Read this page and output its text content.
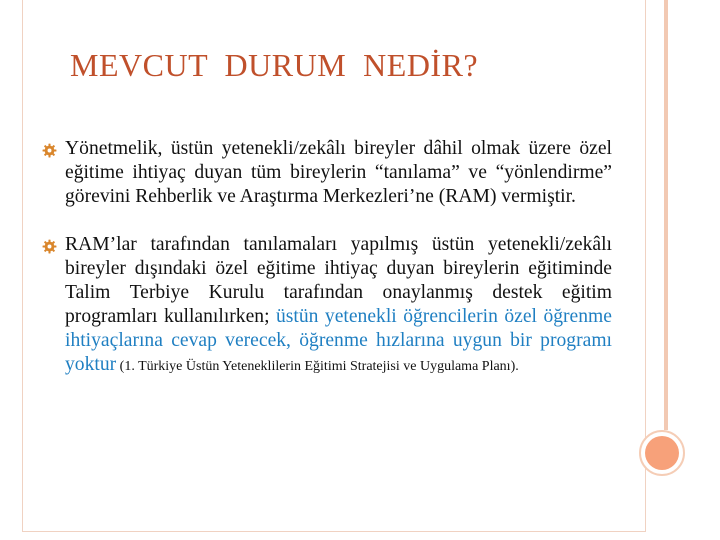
MEVCUT  DURUM  NEDİR?

Yönetmelik, üstün yetenekli/zekâlı bireyler dâhil olmak üzere özel eğitime ihtiyaç duyan tüm bireylerin “tanılama” ve “yönlendirme” görevini Rehberlik ve Araştırma Merkezleri’ne (RAM) vermiştir.

RAM’lar tarafından tanılamaları yapılmış üstün yetenekli/zekâlı bireyler dışındaki özel eğitime ihtiyaç duyan bireylerin eğitiminde Talim Terbiye Kurulu tarafından onaylanmış destek eğitim programları kullanılırken; üstün yetenekli öğrencilerin özel öğrenme ihtiyaçlarına cevap verecek, öğrenme hızlarına uygun bir programı yoktur (1. Türkiye Üstün Yeteneklilerin Eğitimi Stratejisi ve Uygulama Planı).
